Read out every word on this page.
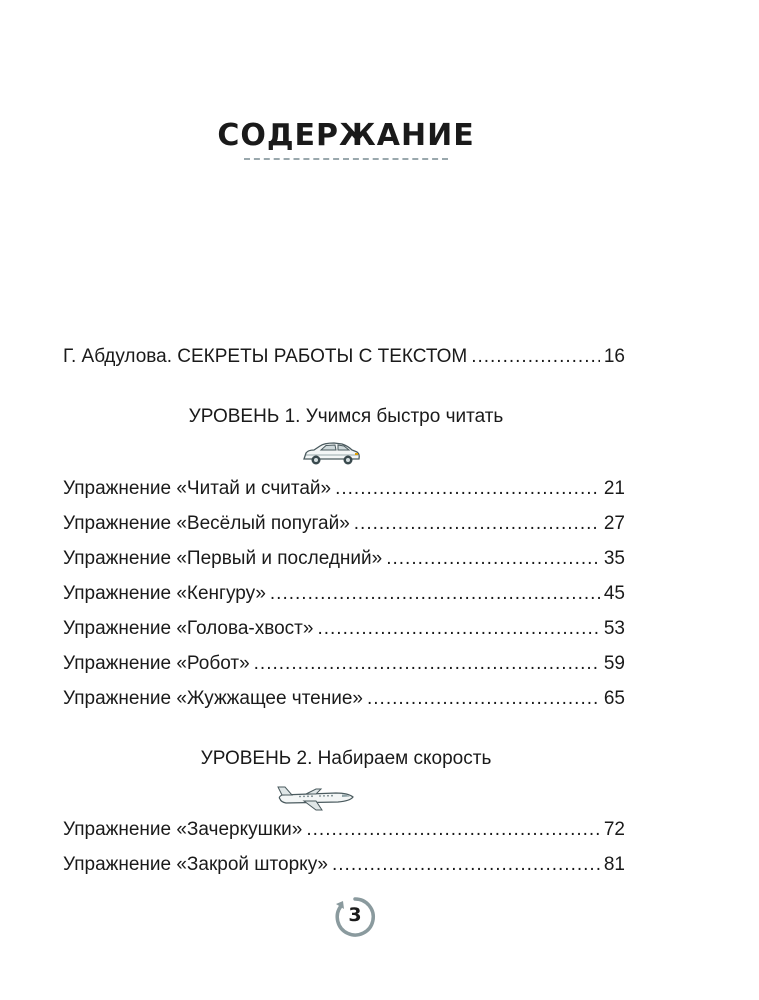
СОДЕРЖАНИЕ
Г. Абдулова. СЕКРЕТЫ РАБОТЫ С ТЕКСТОМ .....	16
УРОВЕНЬ 1. Учимся быстро читать
Упражнение «Читай и считай» .....	21
Упражнение «Весёлый попугай» .....	27
Упражнение «Первый и последний» .....	35
Упражнение «Кенгуру» .....	45
Упражнение «Голова-хвост» .....	53
Упражнение «Робот» .....	59
Упражнение «Жужжащее чтение» .....	65
УРОВЕНЬ 2. Набираем скорость
Упражнение «Зачеркушки» .....	72
Упражнение «Закрой шторку» .....	81
3
